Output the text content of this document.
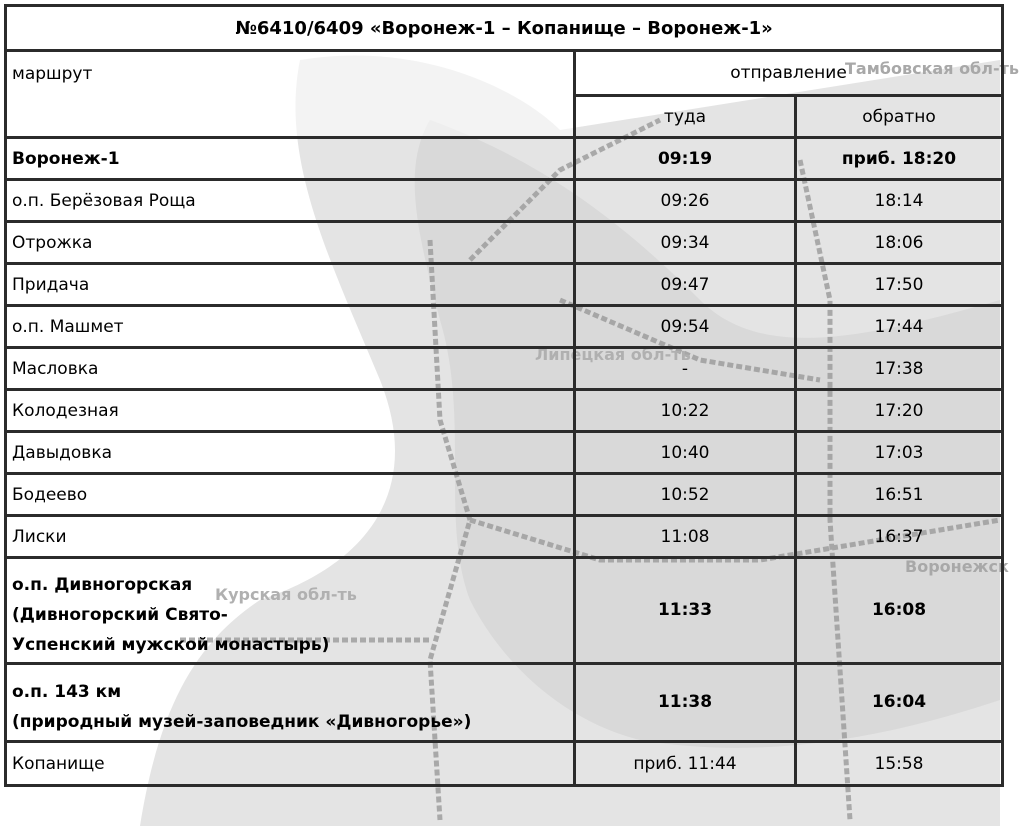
Тамбовская обл-ть
Липецкая обл-ть
Курская обл-ть
Воронежск
№6410/6409 «Воронеж-1 – Копанище – Воронеж-1»		
маршрут	отправление	
	туда	обратно
Воронеж-1	09:19	приб. 18:20
о.п. Берёзовая Роща	09:26	18:14
Отрожка	09:34	18:06
Придача	09:47	17:50
о.п. Машмет	09:54	17:44
Масловка	-	17:38
Колодезная	10:22	17:20
Давыдовка	10:40	17:03
Бодеево	10:52	16:51
Лиски	11:08	16:37

о.п. Дивногорская
(Дивногорский Свято-
Успенский мужской монастырь)	11:33	16:08

о.п. 143 км
(природный музей-заповедник «Дивногорье»)	11:38	16:04
Копанище	приб. 11:44	15:58
